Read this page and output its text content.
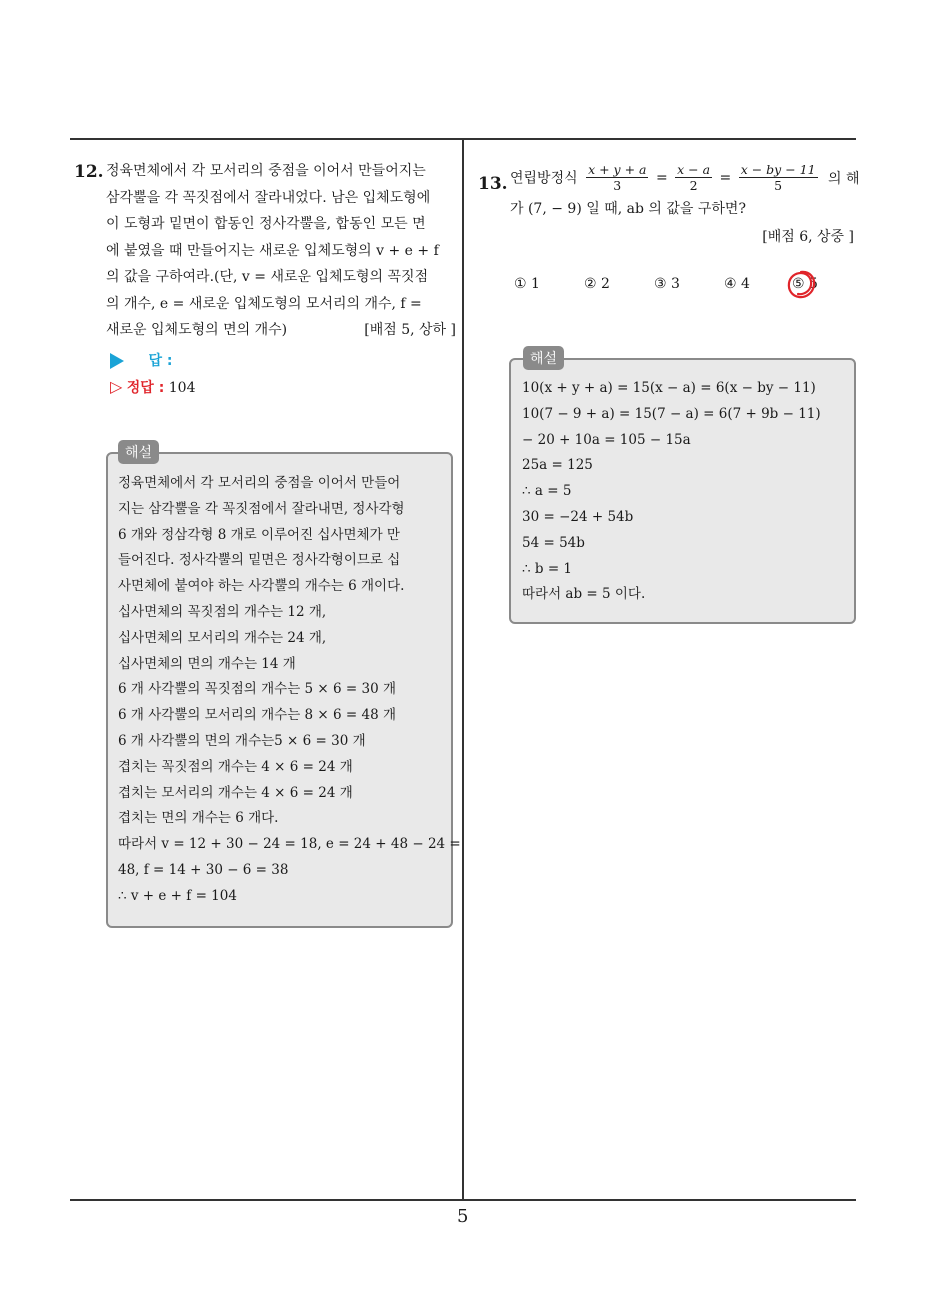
12. 정육면체에서 각 모서리의 중점을 이어서 만들어지는
삼각뿔을 각 꼭짓점에서 잘라내었다. 남은 입체도형에
이 도형과 밑면이 합동인 정사각뿔을, 합동인 모든 면
에 붙였을 때 만들어지는 새로운 입체도형의 v + e + f
의 값을 구하여라.(단, v = 새로운 입체도형의 꼭짓점
의 개수, e = 새로운 입체도형의 모서리의 개수, f =
새로운 입체도형의 면의 개수)	[배점 5, 상하 ]
답 :
▷ 정답 : 104
해설
정육면체에서 각 모서리의 중점을 이어서 만들어
지는 삼각뿔을 각 꼭짓점에서 잘라내면, 정사각형
6 개와 정삼각형 8 개로 이루어진 십사면체가 만
들어진다. 정사각뿔의 밑면은 정사각형이므로 십
사면체에 붙여야 하는 사각뿔의 개수는 6 개이다.
십사면체의 꼭짓점의 개수는 12 개,
십사면체의 모서리의 개수는 24 개,
십사면체의 면의 개수는 14 개
6 개 사각뿔의 꼭짓점의 개수는 5 × 6 = 30 개
6 개 사각뿔의 모서리의 개수는 8 × 6 = 48 개
6 개 사각뿔의 면의 개수는5 × 6 = 30 개
겹치는 꼭짓점의 개수는 4 × 6 = 24 개
겹치는 모서리의 개수는 4 × 6 = 24 개
겹치는 면의 개수는 6 개다.
따라서 v = 12 + 30 − 24 = 18, e = 24 + 48 − 24 =
48, f = 14 + 30 − 6 = 38
∴ v + e + f = 104
13. 연립방정식 $\frac{x + y + a}{3} = \frac{x - a}{2} = \frac{x - by - 11}{5}$ 의 해
가 (7, − 9) 일 때, ab 의 값을 구하면?
[배점 6, 상중 ]
① 1	② 2	③ 3	④ 4	⑤ 5
해설
10(x + y + a) = 15(x − a) = 6(x − by − 11)
10(7 − 9 + a) = 15(7 − a) = 6(7 + 9b − 11)
− 20 + 10a = 105 − 15a
25a = 125
∴ a = 5
30 = −24 + 54b
54 = 54b
∴ b = 1
따라서 ab = 5 이다.
5
